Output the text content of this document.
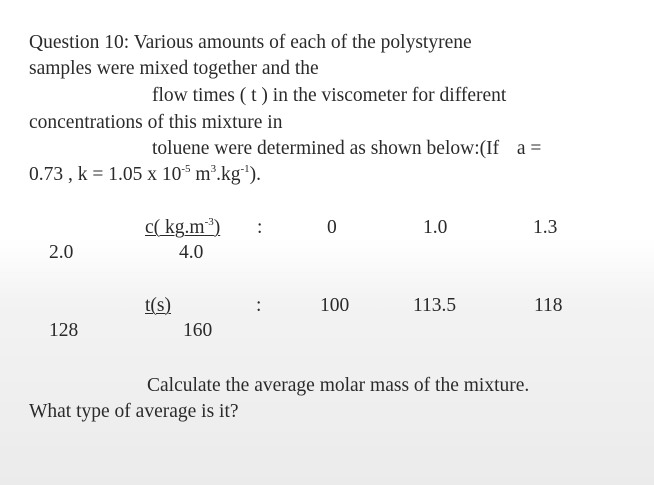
Question 10: Various amounts of each of the polystyrene
samples were mixed together and the
flow times ( t ) in the viscometer for different
concentrations of this mixture in
toluene were determined as shown below:(If a =
0.73 , k = 1.05 x $10^{-5}$ $m^3.kg^{-1}$).
c( $kg.m^{-3}$) :	0	1.0	1.3
2.0	4.0
t(s)	:	100	113.5	118
128	160
Calculate the average molar mass of the mixture.
What type of average is it?
